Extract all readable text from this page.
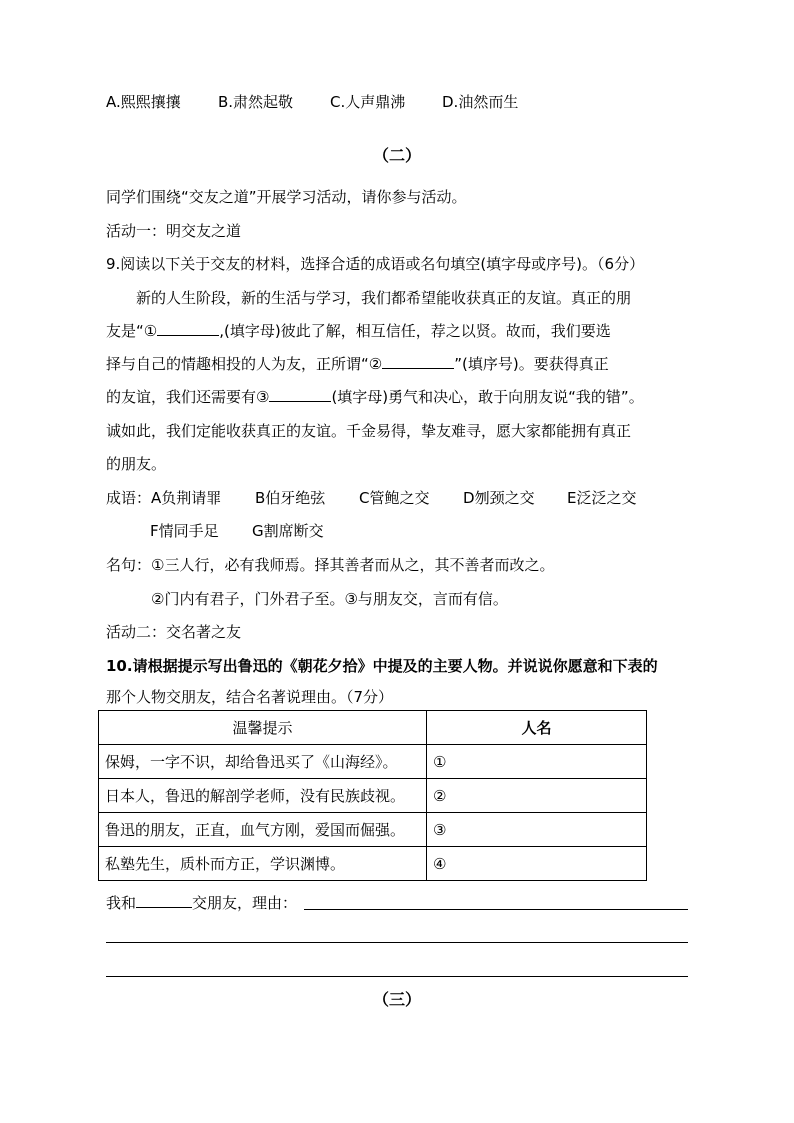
A.熙熙攘攘 B.肃然起敬 C.人声鼎沸 D.油然而生
（二）
同学们围绕“交友之道”开展学习活动，请你参与活动。
活动一：明交友之道
9.阅读以下关于交友的材料，选择合适的成语或名句填空(填字母或序号)。（6分）
新的人生阶段，新的生活与学习，我们都希望能收获真正的友谊。真正的朋
友是“①	,(填字母)彼此了解，相互信任，荐之以贤。故而，我们要选
择与自己的情趣相投的人为友，正所谓“②	”(填序号)。要获得真正
的友谊，我们还需要有③	(填字母)勇气和决心，敢于向朋友说“我的错”。
诚如此，我们定能收获真正的友谊。千金易得，挚友难寻，愿大家都能拥有真正
的朋友。
成语：A负荆请罪 B伯牙绝弦 C管鲍之交 D刎颈之交 E泛泛之交
F情同手足 G割席断交
名句：①三人行，必有我师焉。择其善者而从之，其不善者而改之。
②门内有君子，门外君子至。③与朋友交，言而有信。
活动二：交名著之友
10.请根据提示写出鲁迅的《朝花夕拾》中提及的主要人物。并说说你愿意和下表的
那个人物交朋友，结合名著说理由。（7分）
温馨提示	人名
保姆，一字不识，却给鲁迅买了《山海经》。	①
日本人，鲁迅的解剖学老师，没有民族歧视。	②
鲁迅的朋友，正直，血气方刚，爱国而倔强。	③
私塾先生，质朴而方正，学识渊博。	④
我和	交朋友，理由：
（三）
